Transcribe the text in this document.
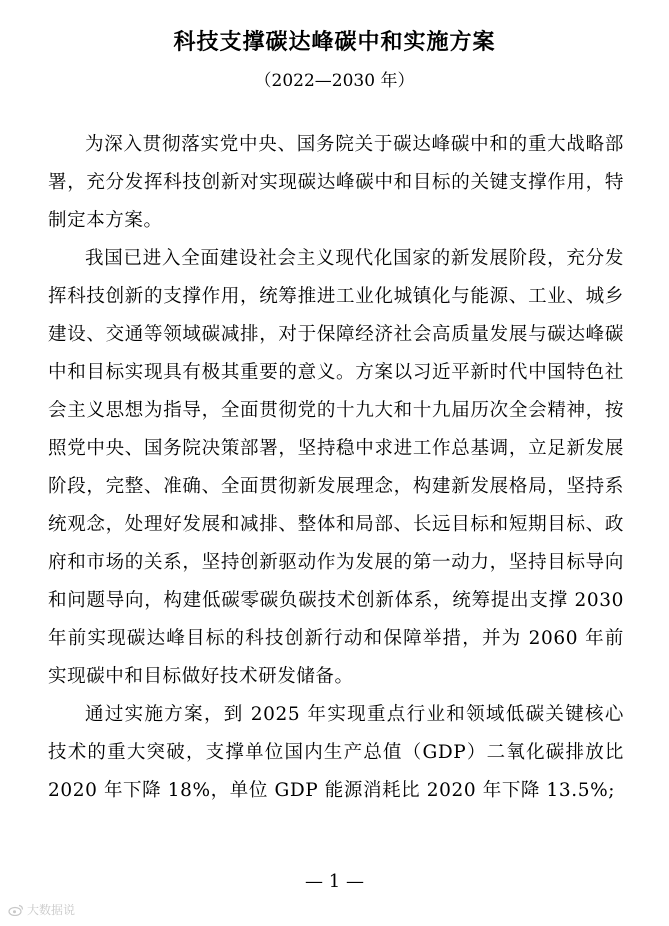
科技支撑碳达峰碳中和实施方案
（2022—2030 年）

为深入贯彻落实党中央、国务院关于碳达峰碳中和的重大战略部署，充分发挥科技创新对实现碳达峰碳中和目标的关键支撑作用，特制定本方案。

我国已进入全面建设社会主义现代化国家的新发展阶段，充分发挥科技创新的支撑作用，统筹推进工业化城镇化与能源、工业、城乡建设、交通等领域碳减排，对于保障经济社会高质量发展与碳达峰碳中和目标实现具有极其重要的意义。方案以习近平新时代中国特色社会主义思想为指导，全面贯彻党的十九大和十九届历次全会精神，按照党中央、国务院决策部署，坚持稳中求进工作总基调，立足新发展阶段，完整、准确、全面贯彻新发展理念，构建新发展格局，坚持系统观念，处理好发展和减排、整体和局部、长远目标和短期目标、政府和市场的关系，坚持创新驱动作为发展的第一动力，坚持目标导向和问题导向，构建低碳零碳负碳技术创新体系，统筹提出支撑 2030 年前实现碳达峰目标的科技创新行动和保障举措，并为 2060 年前实现碳中和目标做好技术研发储备。

通过实施方案，到 2025 年实现重点行业和领域低碳关键核心技术的重大突破，支撑单位国内生产总值（GDP）二氧化碳排放比 2020 年下降 18%，单位 GDP 能源消耗比 2020 年下降 13.5%;

— 1 —
大数据说
